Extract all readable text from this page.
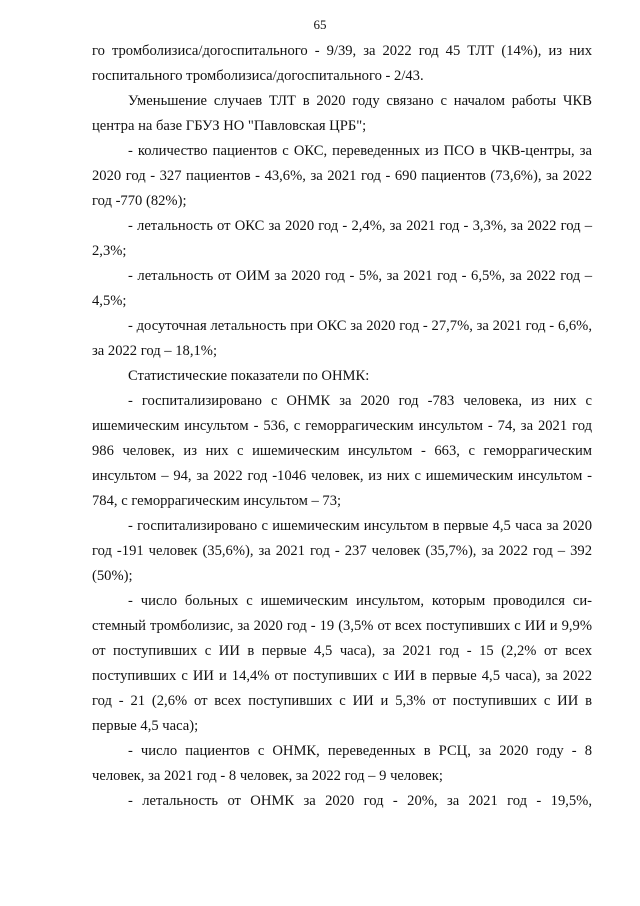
65

го тромболизиса/догоспитального - 9/39, за 2022 год 45 ТЛТ (14%), из них госпитального тромболизиса/догоспитального - 2/43.

Уменьшение случаев ТЛТ в 2020 году связано с началом работы ЧКВ центра на базе ГБУЗ НО "Павловская ЦРБ";

- количество пациентов с ОКС, переведенных из ПСО в ЧКВ-центры, за 2020 год - 327 пациентов - 43,6%, за 2021 год - 690 пациентов (73,6%), за 2022 год -770 (82%);

- летальность от ОКС за 2020 год - 2,4%, за 2021 год - 3,3%, за 2022 год – 2,3%;

- летальность от ОИМ за 2020 год - 5%, за 2021 год - 6,5%, за 2022 год – 4,5%;

- досуточная летальность при ОКС за 2020 год - 27,7%, за 2021 год - 6,6%, за 2022 год – 18,1%;

Статистические показатели по ОНМК:

- госпитализировано с ОНМК за 2020 год -783 человека, из них с ишемическим инсультом - 536, с геморрагическим инсультом - 74, за 2021 год 986 человек, из них с ишемическим инсультом - 663, с геморрагическим инсультом – 94, за 2022 год -1046 человек, из них с ишемическим инсультом - 784, с геморрагическим инсультом – 73;

- госпитализировано с ишемическим инсультом в первые 4,5 часа за 2020 год -191 человек (35,6%), за 2021 год - 237 человек (35,7%), за 2022 год – 392 (50%);

- число больных с ишемическим инсультом, которым проводился системный тромболизис, за 2020 год - 19 (3,5% от всех поступивших с ИИ и 9,9% от поступивших с ИИ в первые 4,5 часа), за 2021 год - 15 (2,2% от всех поступивших с ИИ и 14,4% от поступивших с ИИ в первые 4,5 часа), за 2022 год - 21 (2,6% от всех поступивших с ИИ и 5,3% от поступивших с ИИ в первые 4,5 часа);

- число пациентов с ОНМК, переведенных в РСЦ, за 2020 году - 8 человек, за 2021 год - 8 человек, за 2022 год – 9 человек;

- летальность от ОНМК за 2020 год - 20%, за 2021 год - 19,5%,
